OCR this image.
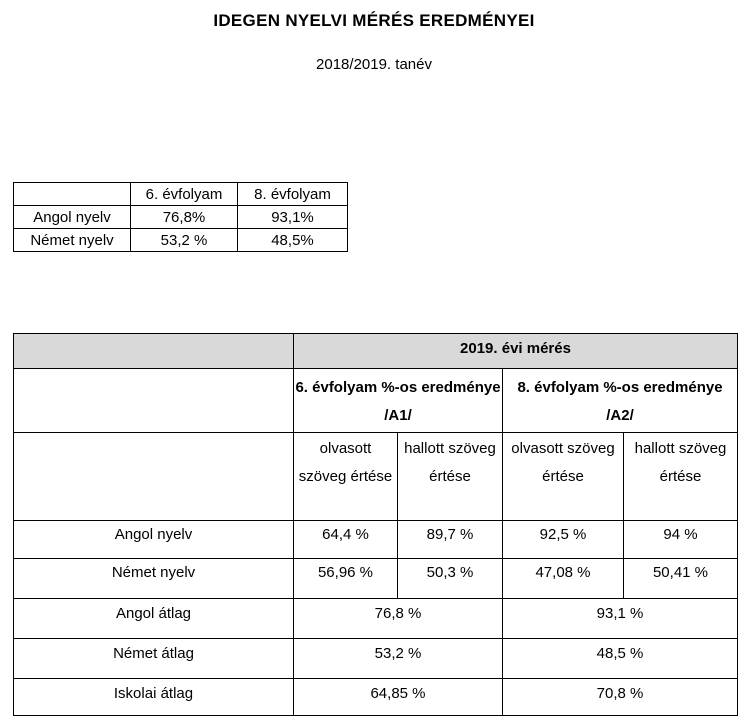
IDEGEN NYELVI MÉRÉS EREDMÉNYEI
2018/2019. tanév
	6. évfolyam	8. évfolyam
Angol nyelv	76,8%	93,1%
Német nyelv	53,2 %	48,5%
	2019. évi mérés			
	6. évfolyam %-os eredménye /A1/		8. évfolyam %-os eredménye /A2/	
	olvasott szöveg értése	hallott szöveg értése	olvasott szöveg értése	hallott szöveg értése
Angol nyelv	64,4 %	89,7 %	92,5 %	94 %
Német nyelv	56,96 %	50,3 %	47,08 %	50,41 %
Angol átlag	76,8 %		93,1 %	
Német átlag	53,2 %		48,5 %	
Iskolai átlag	64,85 %		70,8 %	
